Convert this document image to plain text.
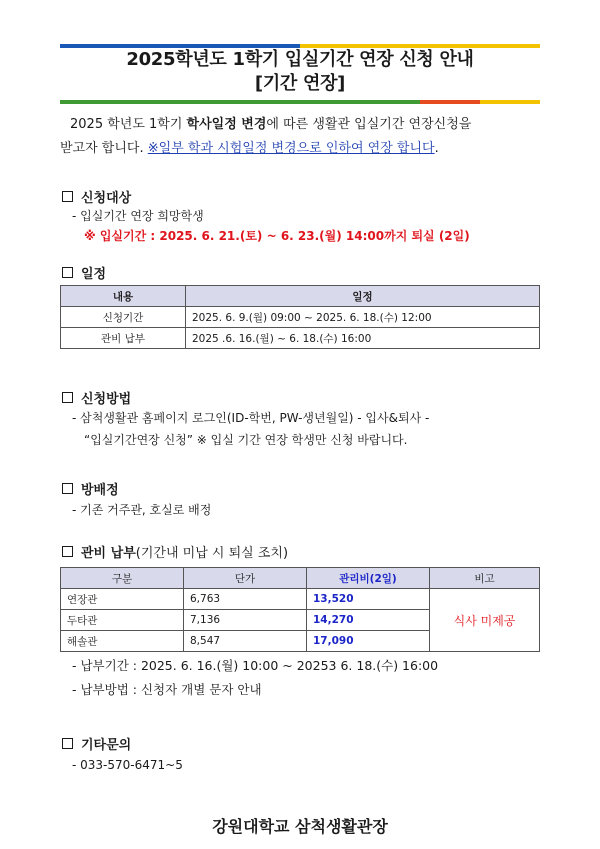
2025학년도 1학기 입실기간 연장 신청 안내
[기간 연장]
2025 학년도 1학기 학사일정 변경에 따른 생활관 입실기간 연장신청을
받고자 합니다. ※일부 학과 시험일정 변경으로 인하여 연장 합니다.
신청대상
- 입실기간 연장 희망학생
※ 입실기간 : 2025. 6. 21.(토) ~ 6. 23.(월) 14:00까지 퇴실 (2일)
일정
내용	일정
신청기간	2025. 6. 9.(월) 09:00 ~ 2025. 6. 18.(수) 12:00
관비 납부	2025 .6. 16.(월) ~ 6. 18.(수) 16:00
신청방법
- 삼척생활관 홈페이지 로그인(ID-학번, PW-생년월일) - 입사&퇴사 -
“입실기간연장 신청” ※ 입실 기간 연장 학생만 신청 바랍니다.
방배정
- 기존 거주관, 호실로 배정
관비 납부 (기간내 미납 시 퇴실 조치)
구분	단가	관리비(2일)	비고
연장관	6,763	13,520	식사 미제공
두타관	7,136	14,270	
해솔관	8,547	17,090	
- 납부기간 : 2025. 6. 16.(월) 10:00 ~ 20253 6. 18.(수) 16:00
- 납부방법 : 신청자 개별 문자 안내
기타문의
- 033-570-6471~5
강원대학교 삼척생활관장
